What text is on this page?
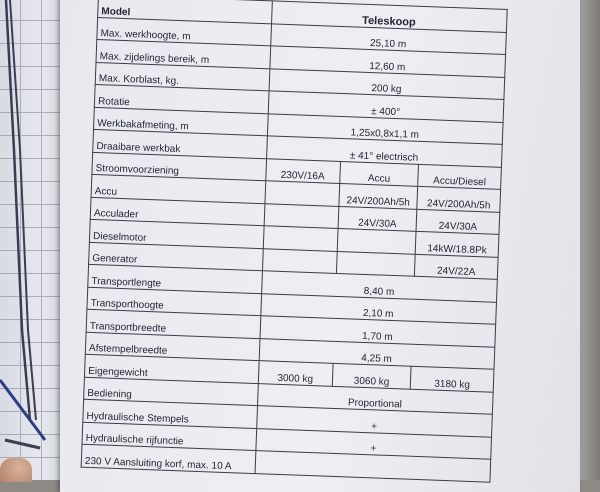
Model	Teleskoop		
Max. werkhoogte, m	25,10 m		
Max. zijdelings bereik, m	12,60 m		
Max. Korblast, kg.	200 kg		
Rotatie	± 400°		
Werkbakafmeting, m	1,25x0,8x1,1 m		
Draaibare werkbak	± 41° electrisch		
Stroomvoorziening	230V/16A	Accu	Accu/Diesel
Accu		24V/200Ah/5h	24V/200Ah/5h
Acculader		24V/30A	24V/30A
Dieselmotor			14kW/18.8Pk
Generator			24V/22A
Transportlengte	8,40 m		
Transporthoogte	2,10 m		
Transportbreedte	1,70 m		
Afstempelbreedte	4,25 m		
Eigengewicht	3000 kg	3060 kg	3180 kg
Bediening	Proportional		
Hydraulische Stempels	+		
Hydraulische rijfunctie	+		
230 V Aansluiting korf, max. 10 A			
